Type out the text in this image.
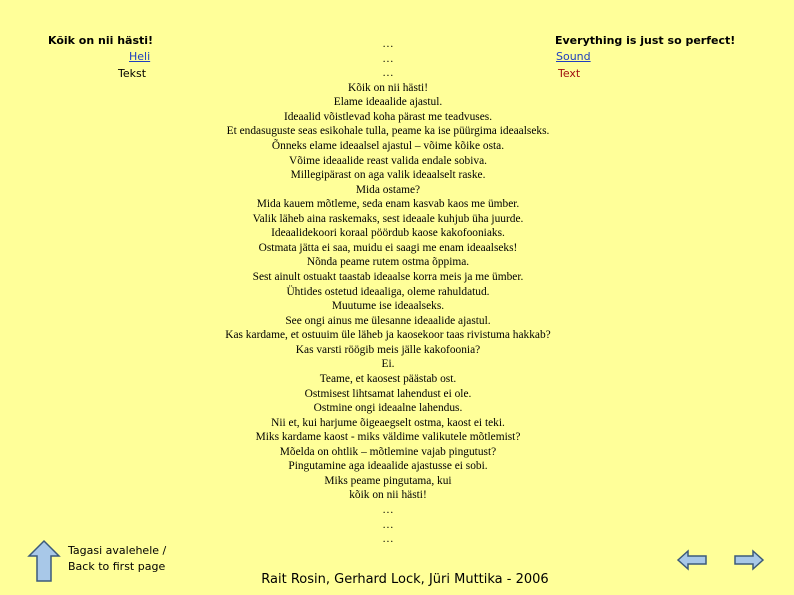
Kõik on nii hästi!
Heli
Tekst
Everything is just so perfect!
Sound
Text
…
…
…
Kõik on nii hästi!
Elame ideaalide ajastul.
Ideaalid võistlevad koha pärast me teadvuses.
Et endasuguste seas esikohale tulla, peame ka ise püürgima ideaalseks.
Õnneks elame ideaalsel ajastul – võime kõike osta.
Võime ideaalide reast valida endale sobiva.
Millegipärast on aga valik ideaalselt raske.
Mida ostame?
Mida kauem mõtleme, seda enam kasvab kaos me ümber.
Valik läheb aina raskemaks, sest ideaale kuhjub üha juurde.
Ideaalidekoori koraal pöördub kaose kakofooniaks.
Ostmata jätta ei saa, muidu ei saagi me enam ideaalseks!
Nõnda peame rutem ostma õppima.
Sest ainult ostuakt taastab ideaalse korra meis ja me ümber.
Ühtides ostetud ideaaliga, oleme rahuldatud.
Muutume ise ideaalseks.
See ongi ainus me ülesanne ideaalide ajastul.
Kas kardame, et ostuuim üle läheb ja kaosekoor taas rivistuma hakkab?
Kas varsti röögib meis jälle kakofoonia?
Ei.
Teame, et kaosest päästab ost.
Ostmisest lihtsamat lahendust ei ole.
Ostmine ongi ideaalne lahendus.
Nii et, kui harjume õigeaegselt ostma, kaost ei teki.
Miks kardame kaost - miks väldime valikutele mõtlemist?
Mõelda on ohtlik – mõtlemine vajab pingutust?
Pingutamine aga ideaalide ajastusse ei sobi.
Miks peame pingutama, kui
kõik on nii hästi!
…
…
…
Tagasi avalehele /
Back to first page
Rait Rosin, Gerhard Lock, Jüri Muttika - 2006
